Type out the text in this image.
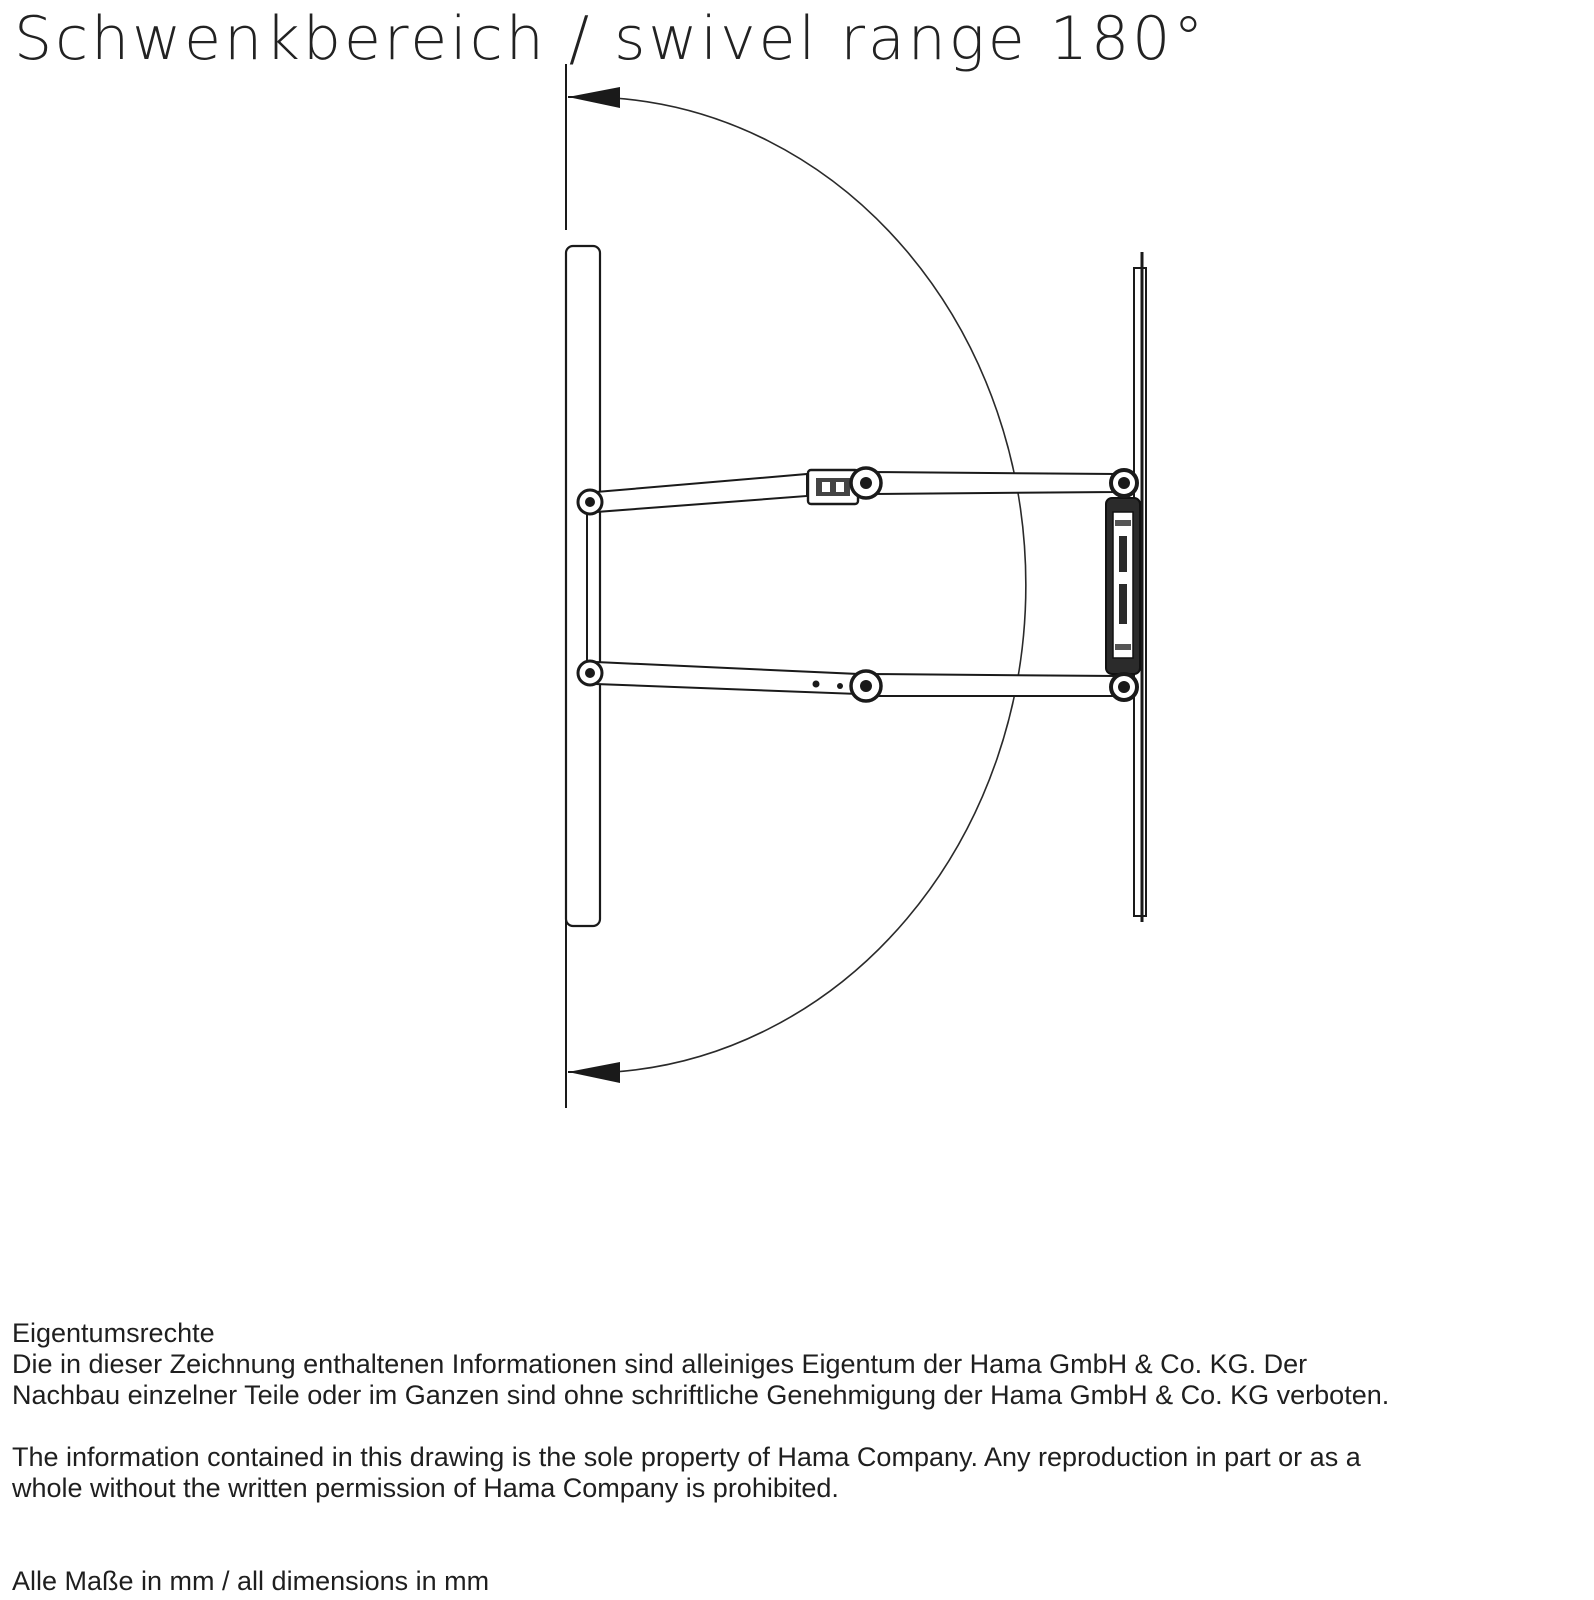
Schwenkbereich / swivel range 180°

Eigentumsrechte

Die in dieser Zeichnung enthaltenen Informationen sind alleiniges Eigentum der Hama GmbH & Co. KG. Der

Nachbau einzelner Teile oder im Ganzen sind ohne schriftliche Genehmigung der Hama GmbH & Co. KG verboten.

The information contained in this drawing is the sole property of Hama Company. Any reproduction in part or as a

whole without the written permission of Hama Company is prohibited.

Alle Maße in mm / all dimensions in mm
